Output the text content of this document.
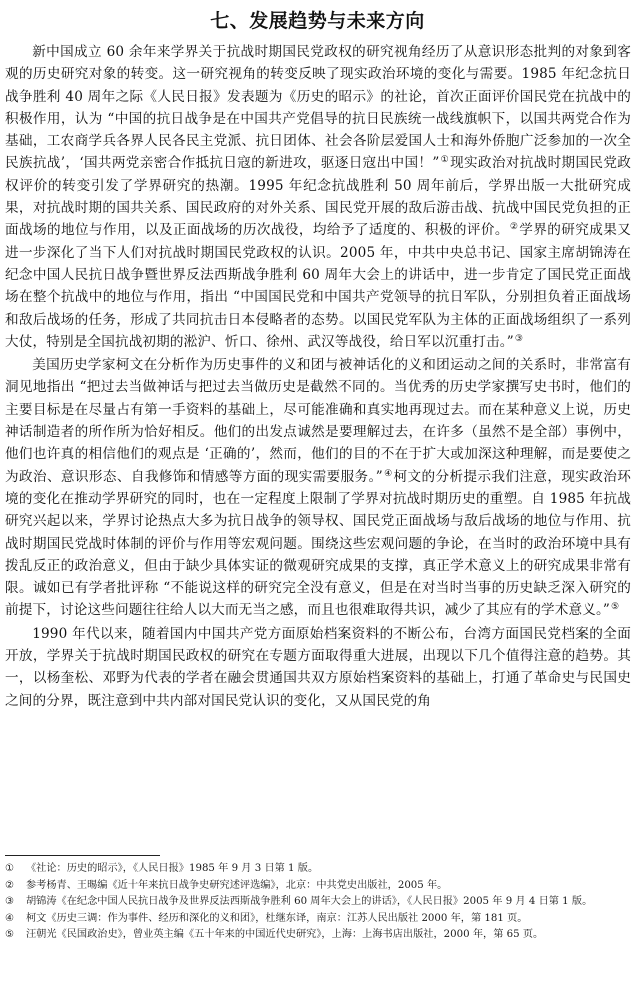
七、发展趋势与未来方向

新中国成立 60 余年来学界关于抗战时期国民党政权的研究视角经历了从意识形态批判的对象到客观的历史研究对象的转变。这一研究视角的转变反映了现实政治环境的变化与需要。1985 年纪念抗日战争胜利 40 周年之际《人民日报》发表题为《历史的昭示》的社论，首次正面评价国民党在抗战中的积极作用，认为 “中国的抗日战争是在中国共产党倡导的抗日民族统一战线旗帜下，以国共两党合作为基础，工农商学兵各界人民各民主党派、抗日团体、社会各阶层爱国人士和海外侨胞广泛参加的一次全民族抗战’，‘国共两党亲密合作抵抗日寇的新进攻，驱逐日寇出中国！”①现实政治对抗战时期国民党政权评价的转变引发了学界研究的热潮。1995 年纪念抗战胜利 50 周年前后，学界出版一大批研究成果，对抗战时期的国共关系、国民政府的对外关系、国民党开展的敌后游击战、抗战中国民党负担的正面战场的地位与作用，以及正面战场的历次战役，均给予了适度的、积极的评价。②学界的研究成果又进一步深化了当下人们对抗战时期国民党政权的认识。2005 年，中共中央总书记、国家主席胡锦涛在纪念中国人民抗日战争暨世界反法西斯战争胜利 60 周年大会上的讲话中，进一步肯定了国民党正面战场在整个抗战中的地位与作用，指出 “中国国民党和中国共产党领导的抗日军队，分别担负着正面战场和敌后战场的任务，形成了共同抗击日本侵略者的态势。以国民党军队为主体的正面战场组织了一系列大仗，特别是全国抗战初期的淞沪、忻口、徐州、武汉等战役，给日军以沉重打击。”③

美国历史学家柯文在分析作为历史事件的义和团与被神话化的义和团运动之间的关系时，非常富有洞见地指出 “把过去当做神话与把过去当做历史是截然不同的。当优秀的历史学家撰写史书时，他们的主要目标是在尽量占有第一手资料的基础上，尽可能准确和真实地再现过去。而在某种意义上说，历史神话制造者的所作所为恰好相反。他们的出发点诚然是要理解过去，在许多（虽然不是全部）事例中，他们也许真的相信他们的观点是 ‘正确的’，然而，他们的目的不在于扩大或加深这种理解，而是要使之为政治、意识形态、自我修饰和情感等方面的现实需要服务。”④柯文的分析提示我们注意，现实政治环境的变化在推动学界研究的同时，也在一定程度上限制了学界对抗战时期历史的重塑。自 1985 年抗战研究兴起以来，学界讨论热点大多为抗日战争的领导权、国民党正面战场与敌后战场的地位与作用、抗战时期国民党战时体制的评价与作用等宏观问题。围绕这些宏观问题的争论，在当时的政治环境中具有拨乱反正的政治意义，但由于缺少具体实证的微观研究成果的支撑，真正学术意义上的研究成果非常有限。诚如已有学者批评称 “不能说这样的研究完全没有意义，但是在对当时当事的历史缺乏深入研究的前提下，讨论这些问题往往给人以大而无当之感，而且也很难取得共识，减少了其应有的学术意义。”⑤

1990 年代以来，随着国内中国共产党方面原始档案资料的不断公布，台湾方面国民党档案的全面开放，学界关于抗战时期国民政权的研究在专题方面取得重大进展，出现以下几个值得注意的趋势。其一，以杨奎松、邓野为代表的学者在融会贯通国共双方原始档案资料的基础上，打通了革命史与民国史之间的分界，既注意到中共内部对国民党认识的变化，又从国民党的角

①	《社论：历史的昭示》，《人民日报》1985 年 9 月 3 日第 1 版。
②	参考杨青、王晹编《近十年来抗日战争史研究述评选编》，北京：中共党史出版社，2005 年。
③	胡锦涛《在纪念中国人民抗日战争及世界反法西斯战争胜利 60 周年大会上的讲话》，《人民日报》2005 年 9 月 4 日第 1 版。
④	柯文《历史三调：作为事件、经历和深化的义和团》，杜继东译，南京：江苏人民出版社 2000 年，第 181 页。
⑤	汪朝光《民国政治史》，曾业英主编《五十年来的中国近代史研究》，上海：上海书店出版社，2000 年，第 65 页。
